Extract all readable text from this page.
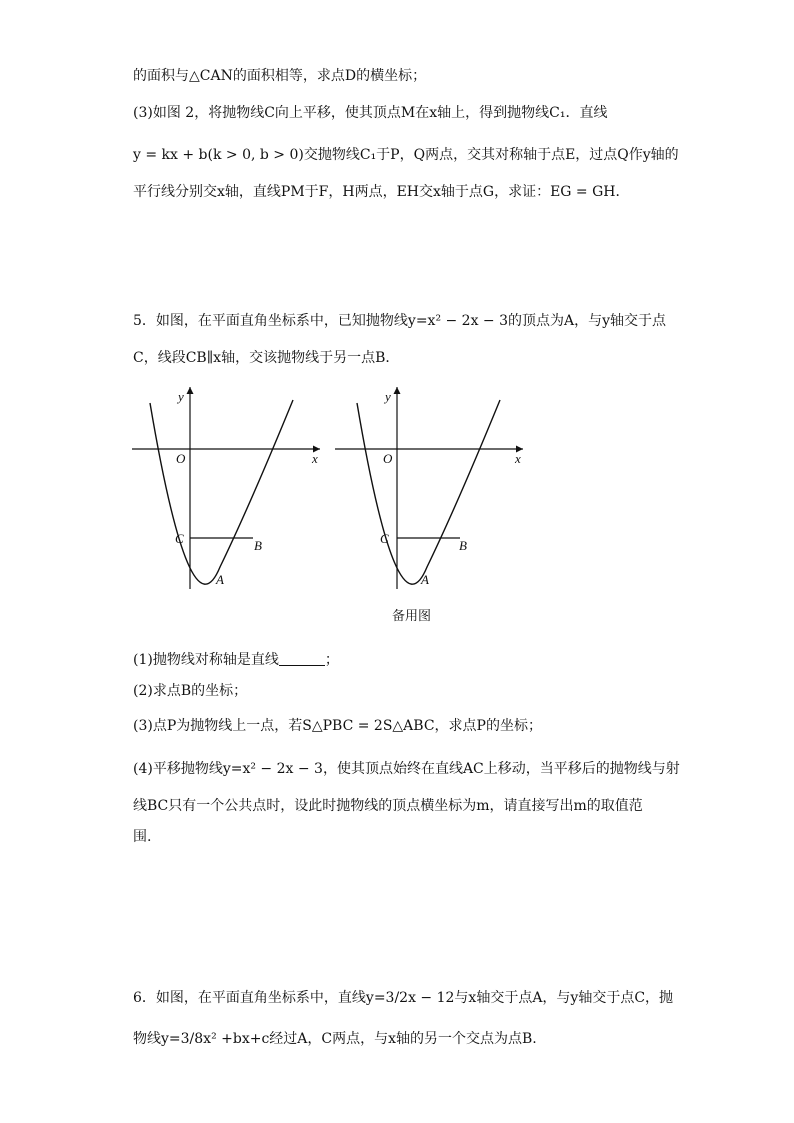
的面积与△CAN的面积相等，求点D的横坐标；
(3)如图 2，将抛物线C向上平移，使其顶点M在x轴上，得到抛物线C₁．直线
y = kx + b(k > 0, b > 0)交抛物线C₁于P，Q两点，交其对称轴于点E，过点Q作y轴的
平行线分别交x轴，直线PM于F，H两点，EH交x轴于点G，求证：EG = GH．
5．如图，在平面直角坐标系中，已知抛物线y=x² − 2x − 3的顶点为A，与y轴交于点
C，线段CB∥x轴，交该抛物线于另一点B．
y
x
O
C	B
A
y
x
O
C	B
A
备用图
(1)抛物线对称轴是直线	；
(2)求点B的坐标；
(3)点P为抛物线上一点，若S△PBC = 2S△ABC，求点P的坐标；
(4)平移抛物线y=x² − 2x − 3，使其顶点始终在直线AC上移动，当平移后的抛物线与射
线BC只有一个公共点时，设此时抛物线的顶点横坐标为m，请直接写出m的取值范
围.
6．如图，在平面直角坐标系中，直线y=3/2x − 12与x轴交于点A，与y轴交于点C，抛
物线y=3/8x² +bx+c经过A，C两点，与x轴的另一个交点为点B.
